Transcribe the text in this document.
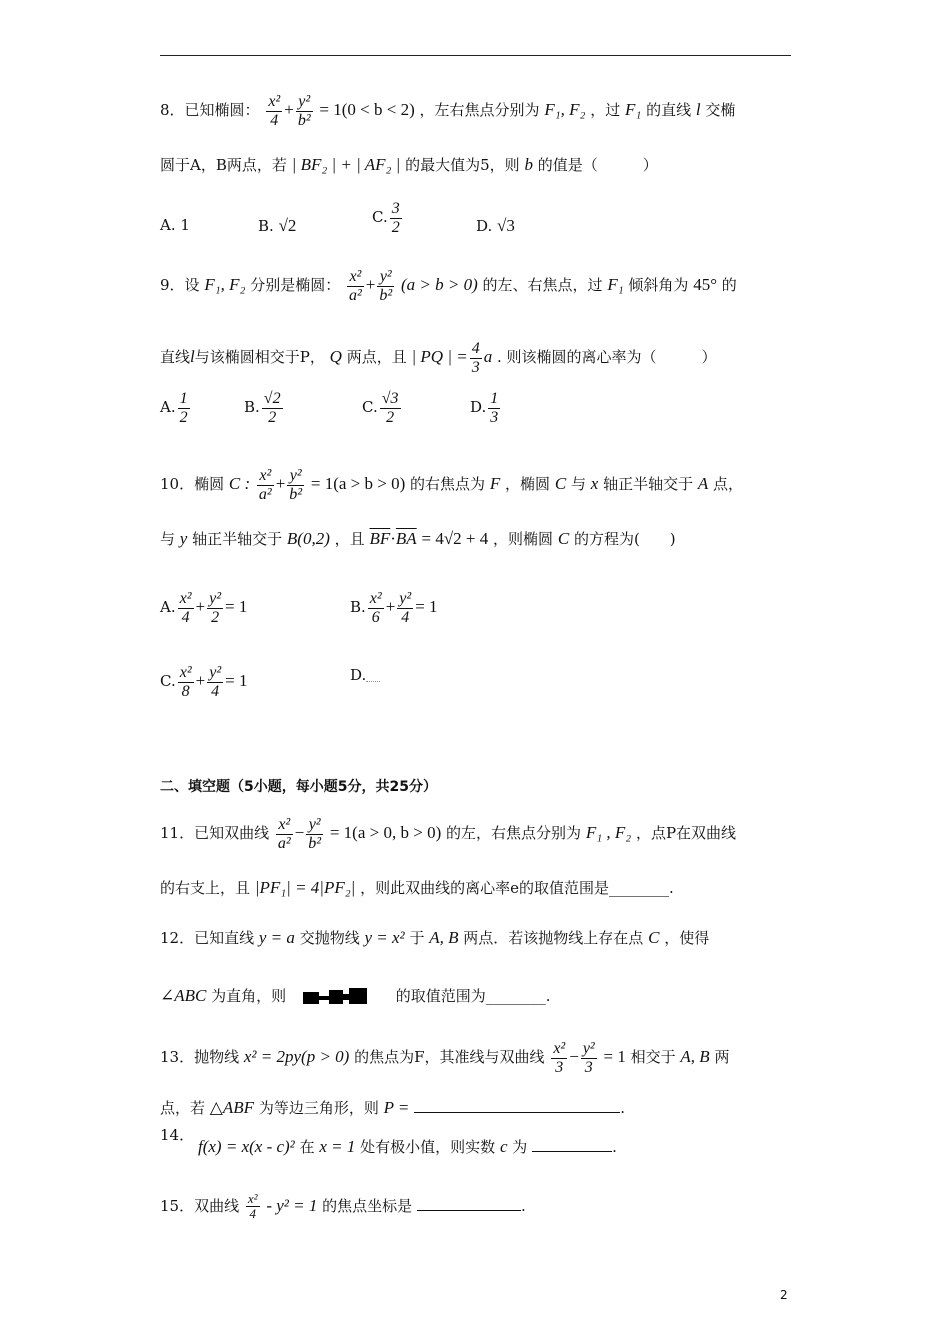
8．已知椭圆： $\frac{\text{x²}}{4} + \frac{\text{y²}}{\text{b²}} = 1(0 < b < 2)$ ，左右焦点分别为 F₁, F₂ ，过 F₁ 的直线 l 交椭
圆于A，B两点，若 | BF₂ | + | AF₂ | 的最大值为5，则 b 的值是（　　　）
A. 1	B. √2	C. $\frac{3}{2}$	D. √3
9．设 F₁, F₂ 分别是椭圆： $\frac{\text{x²}}{\text{a²}} + \frac{\text{y²}}{\text{b²}} (a > b > 0)$ 的左、右焦点，过 F₁ 倾斜角为 45° 的
直线l与该椭圆相交于P， Q 两点，且 | PQ | = $\frac{4}{3}$ a . 则该椭圆的离心率为（　　　）
A. $\frac{1}{2}$	B. $\frac{√2}{2}$	C. $\frac{√3}{2}$	D. $\frac{1}{3}$
10．椭圆 C : $\frac{\text{x²}}{\text{a²}} + \frac{\text{y²}}{\text{b²}} = 1(a > b > 0)$ 的右焦点为 F ，椭圆 C 与 x 轴正半轴交于 A 点，
与 y 轴正半轴交于 B(0,2) ，且 $\overline{BF}\cdot\overline{BA} = 4√2 + 4$ ，则椭圆 C 的方程为(　　)
A. $\frac{\text{x²}}{4} + \frac{\text{y²}}{2} = 1$	B. $\frac{\text{x²}}{6} + \frac{\text{y²}}{4} = 1$
C. $\frac{\text{x²}}{8} + \frac{\text{y²}}{4} = 1$	D.
二、填空题（5小题，每小题5分，共25分）
11．已知双曲线 $\frac{\text{x²}}{\text{a²}} - \frac{\text{y²}}{\text{b²}} = 1(a > 0$, b > 0) 的左，右焦点分别为 F₁ , F₂ ，点P在双曲线
的右支上，且 |PF₁| = 4|PF₂| ，则此双曲线的离心率e的取值范围是________.
12．已知直线 y = a 交抛物线 y = x² 于 A, B 两点．若该抛物线上存在点 C ，使得
∠ABC 为直角，则	的取值范围为________.
13．抛物线 x² = 2py(p > 0) 的焦点为F，其准线与双曲线 $\frac{\text{x²}}{3} - \frac{\text{y²}}{3} = 1$ 相交于 A, B 两
点，若 △ABF 为等边三角形，则 P =	.
14．
f(x) = x(x - c)² 在 x = 1 处有极小值，则实数 c 为	.
15．双曲线 $\frac{\text{x²}}{4} - y^2 = 1$ 的焦点坐标是	.
2
